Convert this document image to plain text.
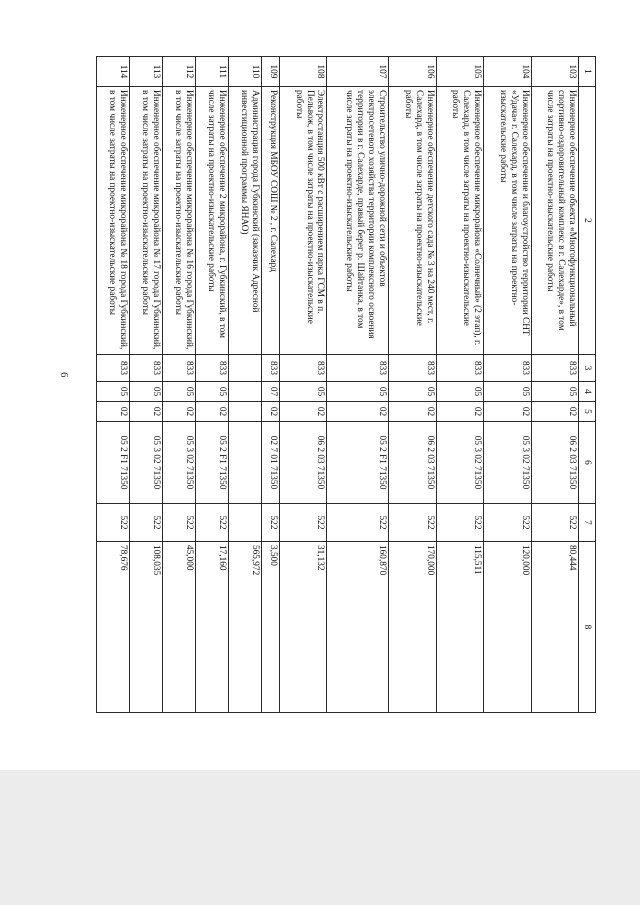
6
1	2	3	4	5	6	7	8
103	Инженерное обеспечение объекта «Многофункциональный спортивно-оздоровительный комплекс в г. Салехарде», в том числе затраты на проектно-изыскательские работы	833	05	02	06 2 03 71350	522	80,444
104	Инженерное обеспечение и благоустройство территории СНТ «Удача» г. Салехард, в том числе затраты на проектно-изыскательские работы	833	05	02	05 3 02 71350	522	120,000
105	Инженерное обеспечение микрорайона «Солнечный» (2 этап), г. Салехард, в том числе затраты на проектно-изыскательские работы	833	05	02	05 3 02 71350	522	115,511
106	Инженерное обеспечение детского сада № 3 на 240 мест, г. Салехард, в том числе затраты на проектно-изыскательские работы	833	05	02	06 2 03 71350	522	170,000
107	Строительство улично-дорожной сети и объектов электросетевого хозяйства территории комплексного освоения территории в г. Салехарде, правый берег р. Шайтанка, в том числе затраты на проектно-изыскательские работы	833	05	02	05 2 F1 71350	522	160,870
108	Электростанция 500 кВт с расширением парка ГСМ в п. Пельвож, в том числе затраты на проектно-изыскательские работы	833	05	02	06 2 03 71350	522	31,132
109	Реконструкция МБОУ СОШ № 2 , г. Салехард	833	07	02	02 7 01 71350	522	3,500
110	Администрация города Губкинский (заказчик Адресной инвестиционной программы ЯНАО)						565,972
111	Инженерное обеспечение 2 микрорайона, г. Губкинский, в том числе затраты на проектно-изыскательские работы	833	05	02	05 2 F1 71350	522	17,160
112	Инженерное обеспечение микрорайона № 16 города Губкинский, в том числе затраты на проектно-изыскательские работы	833	05	02	05 3 02 71350	522	45,000
113	Инженерное обеспечение микрорайона № 17 города Губкинский, в том числе затраты на проектно-изыскательские работы	833	05	02	05 3 02 71350	522	108,035
114	Инженерное обеспечение микрорайона № 18 города Губкинский, в том числе затраты на проектно-изыскательские работы	833	05	02	05 2 F1 71350	522	78,676
